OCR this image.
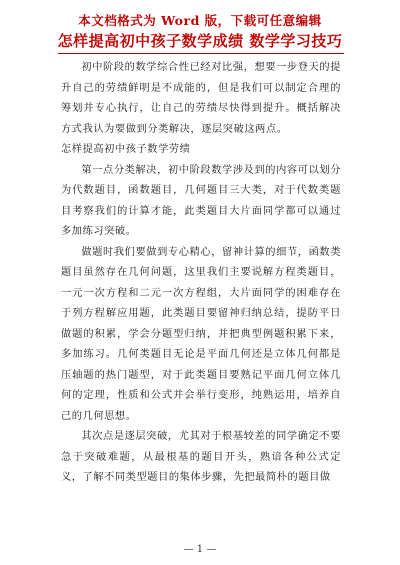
本文档格式为 Word 版，下载可任意编辑
怎样提高初中孩子数学成绩 数学学习技巧

初中阶段的数学综合性已经对比强，想要一步登天的提升自己的劳绩鲜明是不成能的，但是我们可以制定合理的筹划并专心执行，让自己的劳绩尽快得到提升。概括解决方式我认为要做到分类解决，逐层突破这两点。

怎样提高初中孩子数学劳绩

第一点分类解决，初中阶段数学涉及到的内容可以划分为代数题目，函数题目，几何题目三大类，对于代数类题目考察我们的计算才能，此类题目大片面同学都可以通过多加练习突破。

做题时我们要做到专心精心，留神计算的细节，函数类题目虽然存在几何问题，这里我们主要说解方程类题目，一元一次方程和二元一次方程组，大片面同学的困难存在于列方程解应用题，此类题目要留神归纳总结，提防平日做题的积累，学会分题型归纳，并把典型例题积累下来，多加练习。几何类题目无论是平面几何还是立体几何都是压轴题的热门题型，对于此类题目要熟记平面几何立体几何的定理，性质和公式并会举行变形，纯熟运用，培养自己的几何思想。

其次点是逐层突破，尤其对于根基较差的同学确定不要急于突破难题，从最根基的题目开头，熟谙各种公式定义，了解不同类型题目的集体步骤，先把最简朴的题目做

— 1 —
